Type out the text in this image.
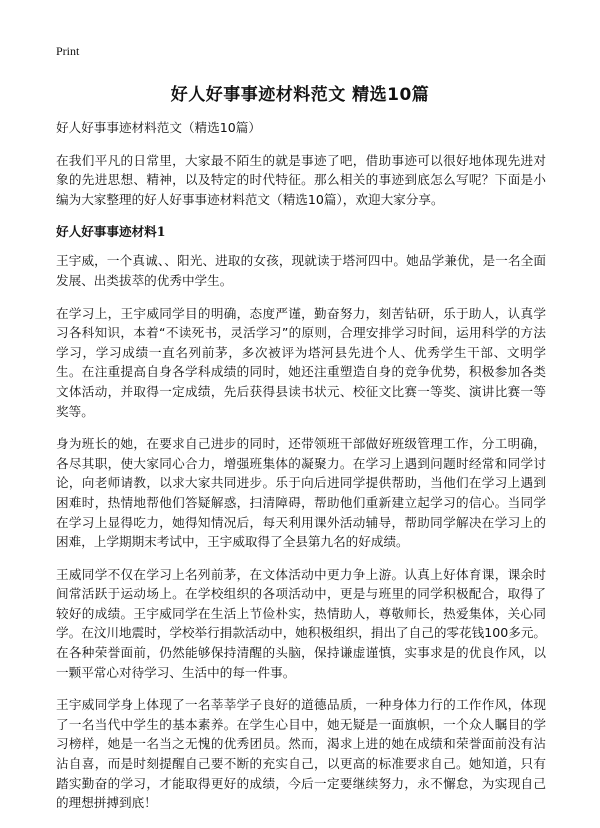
Print
好人好事事迹材料范文 精选10篇

好人好事事迹材料范文（精选10篇）

在我们平凡的日常里，大家最不陌生的就是事迹了吧，借助事迹可以很好地体现先进对象的先进思想、精神，以及特定的时代特征。那么相关的事迹到底怎么写呢？下面是小编为大家整理的好人好事事迹材料范文（精选10篇），欢迎大家分享。

好人好事事迹材料1

王宇威，一个真诚、、阳光、进取的女孩，现就读于塔河四中。她品学兼优，是一名全面发展、出类拔萃的优秀中学生。

在学习上，王宇威同学目的明确，态度严谨，勤奋努力，刻苦钻研，乐于助人，认真学习各科知识，本着“不读死书，灵活学习”的原则，合理安排学习时间，运用科学的方法学习，学习成绩一直名列前茅，多次被评为塔河县先进个人、优秀学生干部、文明学生。在注重提高自身各学科成绩的同时，她还注重塑造自身的竞争优势，积极参加各类文体活动，并取得一定成绩，先后获得县读书状元、校征文比赛一等奖、演讲比赛一等奖等。

身为班长的她，在要求自己进步的同时，还带领班干部做好班级管理工作，分工明确，各尽其职，使大家同心合力，增强班集体的凝聚力。在学习上遇到问题时经常和同学讨论，向老师请教，以求大家共同进步。乐于向后进同学提供帮助，当他们在学习上遇到困难时，热情地帮他们答疑解惑，扫清障碍，帮助他们重新建立起学习的信心。当同学在学习上显得吃力，她得知情况后，每天利用课外活动辅导，帮助同学解决在学习上的困难，上学期期末考试中，王宇威取得了全县第九名的好成绩。

王威同学不仅在学习上名列前茅，在文体活动中更力争上游。认真上好体育课，课余时间常活跃于运动场上。在学校组织的各项活动中，更是与班里的同学积极配合，取得了较好的成绩。王宇威同学在生活上节俭朴实，热情助人，尊敬师长，热爱集体，关心同学。在汶川地震时，学校举行捐款活动中，她积极组织，捐出了自己的零花钱100多元。在各种荣誉面前，仍然能够保持清醒的头脑，保持谦虚谨慎，实事求是的优良作风，以一颗平常心对待学习、生活中的每一件事。

王宇威同学身上体现了一名莘莘学子良好的道德品质，一种身体力行的工作作风，体现了一名当代中学生的基本素养。在学生心目中，她无疑是一面旗帜，一个众人瞩目的学习榜样，她是一名当之无愧的优秀团员。然而，渴求上进的她在成绩和荣誉面前没有沾沾自喜，而是时刻提醒自己要不断的充实自己，以更高的标准要求自己。她知道，只有踏实勤奋的学习，才能取得更好的成绩，今后一定要继续努力，永不懈怠，为实现自己的理想拼搏到底！
